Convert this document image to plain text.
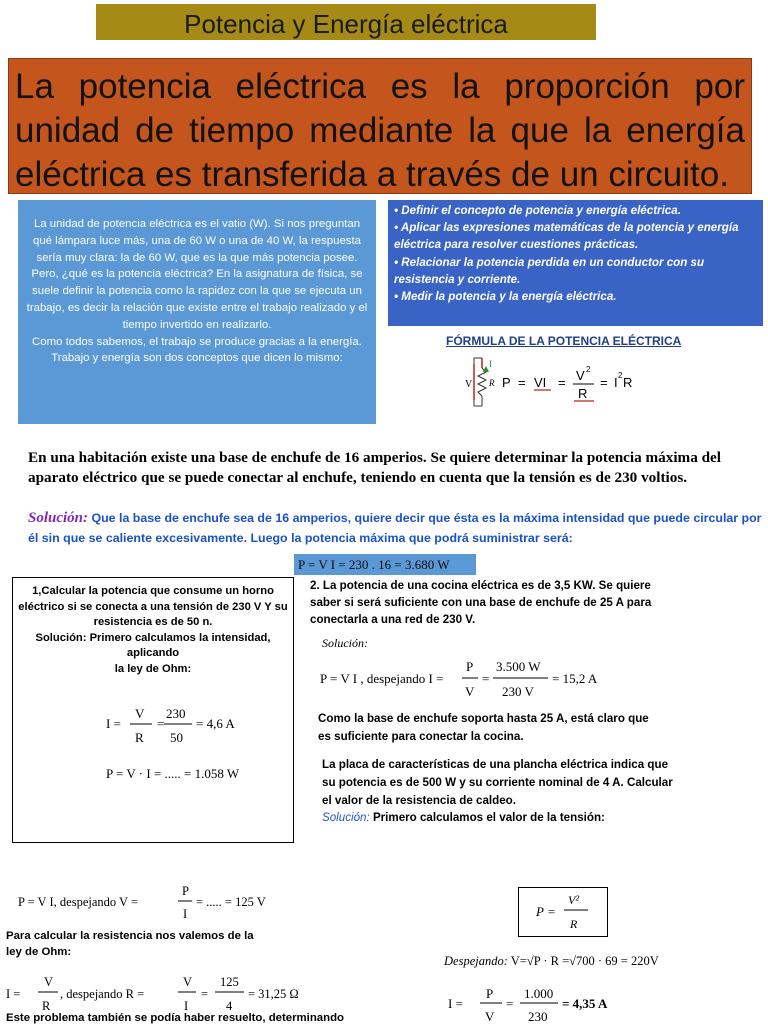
Potencia y Energía eléctrica
La potencia eléctrica es la proporción por unidad de tiempo mediante la que la energía eléctrica es transferida a través de un circuito.

La unidad de potencia eléctrica es el vatio (W). Si nos preguntan qué lámpara luce más, una de 60 W o una de 40 W, la respuesta sería muy clara: la de 60 W, que es la que más potencia posee. Pero, ¿qué es la potencia eléctrica? En la asignatura de física, se suele definir la potencia como la rapidez con la que se ejecuta un trabajo, es decir la relación que existe entre el trabajo realizado y el tiempo invertido en realizarlo.

Como todos sabemos, el trabajo se produce gracias a la energía. Trabajo y energía son dos conceptos que dicen lo mismo:

• Definir el concepto de potencia y energía eléctrica.
• Aplicar las expresiones matemáticas de la potencia y energía eléctrica para resolver cuestiones prácticas.
• Relacionar la potencia perdida en un conductor con su resistencia y corriente.
• Medir la potencia y la energía eléctrica.
FÓRMULA DE LA POTENCIA ELÉCTRICA
V
I
R P = VI = V 2
R
= I 2 R
En una habitación existe una base de enchufe de 16 amperios. Se quiere determinar la potencia máxima del aparato eléctrico que se puede conectar al enchufe, teniendo en cuenta que la tensión es de 230 voltios.
Solución: Que la base de enchufe sea de 16 amperios, quiere decir que ésta es la máxima intensidad que puede circular por él sin que se caliente excesivamente. Luego la potencia máxima que podrá suministrar será:
P = V I = 230 . 16 = 3.680 W
1,Calcular la potencia que consume un horno eléctrico si se conecta a una tensión de 230 V Y su resistencia es de 50 n.
Solución: Primero calculamos la intensidad, aplicando
la ley de Ohm:
I =
V
R
=
230
50
= 4,6 A
P = V · I = ..... = 1.058 W
2. La potencia de una cocina eléctrica es de 3,5 KW. Se quiere saber si será suficiente con una base de enchufe de 25 A para conectarla a una red de 230 V.
Solución:
P = V I , despejando I =
P
V
=
3.500 W
230 V
= 15,2 A
Como la base de enchufe soporta hasta 25 A, está claro que es suficiente para conectar la cocina.
La placa de características de una plancha eléctrica indica que su potencia es de 500 W y su corriente nominal de 4 A. Calcular el valor de la resistencia de caldeo.
Solución: Primero calculamos el valor de la tensión:
P = V I, despejando V =
P
I
= ..... = 125 V
Para calcular la resistencia nos valemos de la ley de Ohm:
I =
V
R
, despejando R =
V
I
=
125
4
= 31,25 Ω
Este problema también se podía haber resuelto, determinando
P =
V²
R
Despejando: V=√P · R =√700 · 69 = 220V
I =
P
V
=
1.000
230
= 4,35 A
